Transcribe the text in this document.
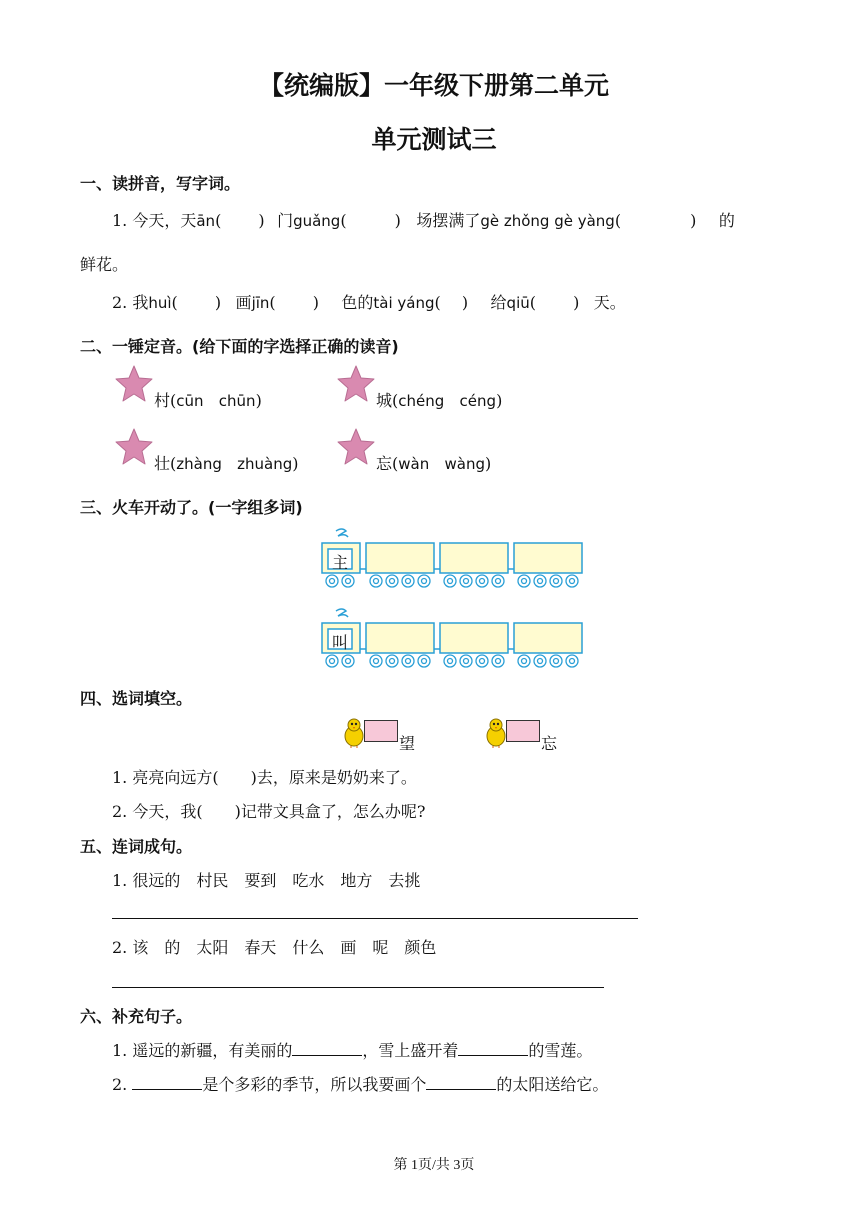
【统编版】一年级下册第二单元
单元测试三
一、读拼音，写字词。
1. 今天，天ān(　　 ) 门guǎng(　　　) 场摆满了gè zhǒng gè yàng(　　　　 ) 的
鲜花。
2. 我huì(　　 ) 画jīn(　　 ) 色的tài yáng(　 ) 给qiū(　　 ) 天。
二、一锤定音。(给下面的字选择正确的读音)
村(cūn chūn)	城(chéng céng)
壮(zhàng zhuàng)	忘(wàn wàng)
三、火车开动了。(一字组多词)
主
叫
四、选词填空。
望	忘
1. 亮亮向远方(　　)去，原来是奶奶来了。
2. 今天，我(　　)记带文具盒了，怎么办呢?
五、连词成句。
1. 很远的　村民　要到　吃水　地方　去挑
2. 该　的　太阳　春天　什么　画　呢　颜色
六、补充句子。
1. 遥远的新疆，有美丽的	，雪上盛开着	的雪莲。
2.	是个多彩的季节，所以我要画个	的太阳送给它。
第 1页/共 3页
